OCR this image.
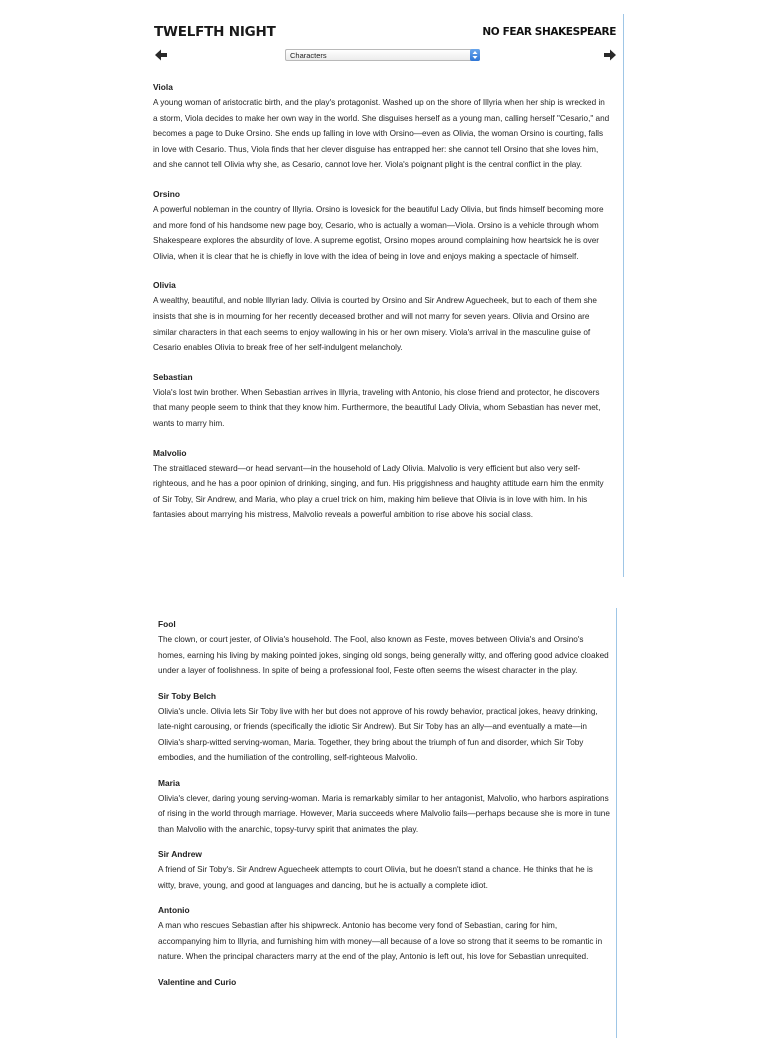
TWELFTH NIGHT	NO FEAR SHAKESPEARE
Characters

Viola

A young woman of aristocratic birth, and the play's protagonist. Washed up on the shore of Illyria when her ship is wrecked in a storm, Viola decides to make her own way in the world. She disguises herself as a young man, calling herself "Cesario," and becomes a page to Duke Orsino. She ends up falling in love with Orsino—even as Olivia, the woman Orsino is courting, falls in love with Cesario. Thus, Viola finds that her clever disguise has entrapped her: she cannot tell Orsino that she loves him, and she cannot tell Olivia why she, as Cesario, cannot love her. Viola's poignant plight is the central conflict in the play.

Orsino

A powerful nobleman in the country of Illyria. Orsino is lovesick for the beautiful Lady Olivia, but finds himself becoming more and more fond of his handsome new page boy, Cesario, who is actually a woman—Viola. Orsino is a vehicle through whom Shakespeare explores the absurdity of love. A supreme egotist, Orsino mopes around complaining how heartsick he is over Olivia, when it is clear that he is chiefly in love with the idea of being in love and enjoys making a spectacle of himself.

Olivia

A wealthy, beautiful, and noble Illyrian lady. Olivia is courted by Orsino and Sir Andrew Aguecheek, but to each of them she insists that she is in mourning for her recently deceased brother and will not marry for seven years. Olivia and Orsino are similar characters in that each seems to enjoy wallowing in his or her own misery. Viola's arrival in the masculine guise of Cesario enables Olivia to break free of her self-indulgent melancholy.

Sebastian

Viola's lost twin brother. When Sebastian arrives in Illyria, traveling with Antonio, his close friend and protector, he discovers that many people seem to think that they know him. Furthermore, the beautiful Lady Olivia, whom Sebastian has never met, wants to marry him.

Malvolio

The straitlaced steward—or head servant—in the household of Lady Olivia. Malvolio is very efficient but also very self-righteous, and he has a poor opinion of drinking, singing, and fun. His priggishness and haughty attitude earn him the enmity of Sir Toby, Sir Andrew, and Maria, who play a cruel trick on him, making him believe that Olivia is in love with him. In his fantasies about marrying his mistress, Malvolio reveals a powerful ambition to rise above his social class.

Fool

The clown, or court jester, of Olivia's household. The Fool, also known as Feste, moves between Olivia's and Orsino's homes, earning his living by making pointed jokes, singing old songs, being generally witty, and offering good advice cloaked under a layer of foolishness. In spite of being a professional fool, Feste often seems the wisest character in the play.

Sir Toby Belch

Olivia's uncle. Olivia lets Sir Toby live with her but does not approve of his rowdy behavior, practical jokes, heavy drinking, late-night carousing, or friends (specifically the idiotic Sir Andrew). But Sir Toby has an ally—and eventually a mate—in Olivia's sharp-witted serving-woman, Maria. Together, they bring about the triumph of fun and disorder, which Sir Toby embodies, and the humiliation of the controlling, self-righteous Malvolio.

Maria

Olivia's clever, daring young serving-woman. Maria is remarkably similar to her antagonist, Malvolio, who harbors aspirations of rising in the world through marriage. However, Maria succeeds where Malvolio fails—perhaps because she is more in tune than Malvolio with the anarchic, topsy-turvy spirit that animates the play.

Sir Andrew

A friend of Sir Toby's. Sir Andrew Aguecheek attempts to court Olivia, but he doesn't stand a chance. He thinks that he is witty, brave, young, and good at languages and dancing, but he is actually a complete idiot.

Antonio

A man who rescues Sebastian after his shipwreck. Antonio has become very fond of Sebastian, caring for him, accompanying him to Illyria, and furnishing him with money—all because of a love so strong that it seems to be romantic in nature. When the principal characters marry at the end of the play, Antonio is left out, his love for Sebastian unrequited.

Valentine and Curio
